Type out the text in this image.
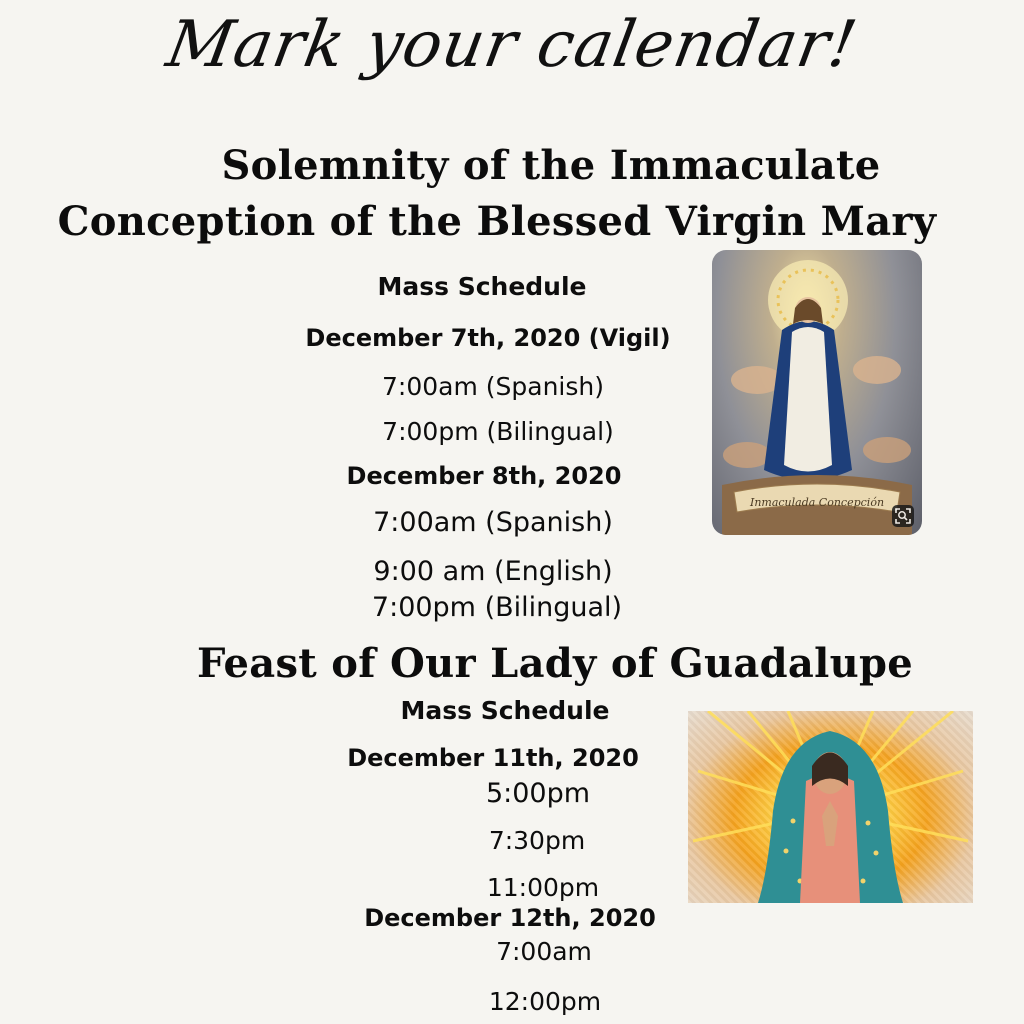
Mark your calendar!
Solemnity of the Immaculate
Conception of the Blessed Virgin Mary
Mass Schedule
December 7th, 2020 (Vigil)
7:00am (Spanish)
7:00pm (Bilingual)
December 8th, 2020
7:00am (Spanish)
9:00 am (English)
7:00pm (Bilingual)
Inmaculada Concepción
Feast of Our Lady of Guadalupe
Mass Schedule
December 11th, 2020
5:00pm
7:30pm
11:00pm
December 12th, 2020
7:00am
12:00pm
